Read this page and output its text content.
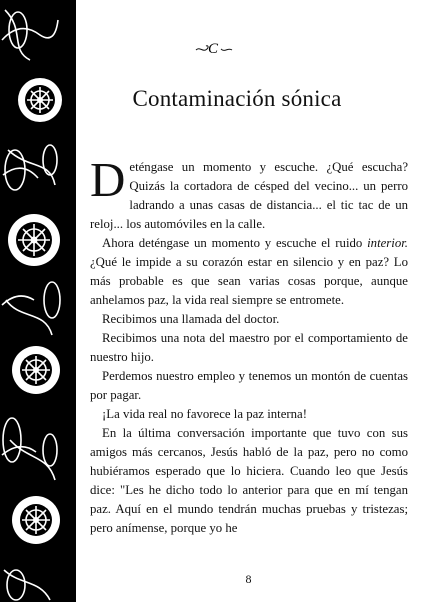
C
Contaminación sónica

Deténgase un momento y escuche. ¿Qué escucha? Quizás la cortadora de césped del vecino... un perro ladrando a unas casas de distancia... el tic tac de un reloj... los automóviles en la calle.

Ahora deténgase un momento y escuche el ruido interior. ¿Qué le impide a su corazón estar en silencio y en paz? Lo más probable es que sean varias cosas porque, aunque anhelamos paz, la vida real siempre se entromete.

Recibimos una llamada del doctor.

Recibimos una nota del maestro por el comportamiento de nuestro hijo.

Perdemos nuestro empleo y tenemos un montón de cuentas por pagar.

¡La vida real no favorece la paz interna!

En la última conversación importante que tuvo con sus amigos más cercanos, Jesús habló de la paz, pero no como hubiéramos esperado que lo hiciera. Cuando leo que Jesús dice: "Les he dicho todo lo anterior para que en mí tengan paz. Aquí en el mundo tendrán muchas pruebas y tristezas; pero anímense, porque yo he

8
